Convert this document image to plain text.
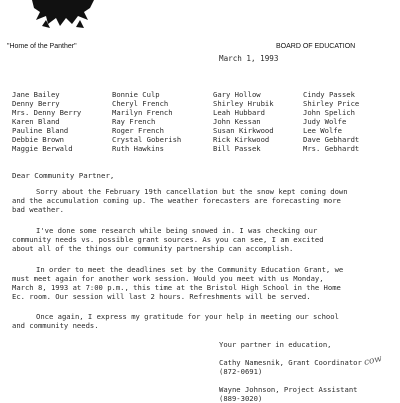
"Home of the Panther"	BOARD OF EDUCATION
March 1, 1993
Jane Bailey
Denny Berry
Mrs. Denny Berry
Karen Bland
Pauline Bland
Debbie Brown
Maggie Berwald
Bonnie Culp
Cheryl French
Marilyn French
Ray French
Roger French
Crystal Goberish
Ruth Hawkins
Gary Hollow
Shirley Hrubik
Leah Hubbard
John Kessan
Susan Kirkwood
Rick Kirkwood
Bill Passek
Cindy Passek
Shirley Price
John Spelich
Judy Wolfe
Lee Wolfe
Dave Gebhardt
Mrs. Gebhardt
Dear Community Partner,
Sorry about the February 19th cancellation but the snow kept coming down
and the accumulation coming up. The weather forecasters are forecasting more
bad weather.
I've done some research while being snowed in. I was checking our
community needs vs. possible grant sources. As you can see, I am excited
about all of the things our community partnership can accomplish.
In order to meet the deadlines set by the Community Education Grant, we
must meet again for another work session. Would you meet with us Monday,
March 8, 1993 at 7:00 p.m., this time at the Bristol High School in the Home
Ec. room. Our session will last 2 hours. Refreshments will be served.
Once again, I express my gratitude for your help in meeting our school
and community needs.
Your partner in education,
Cathy Namesnik, Grant Coordinator
(872-0691)
Wayne Johnson, Project Assistant
(889-3020)
cow
